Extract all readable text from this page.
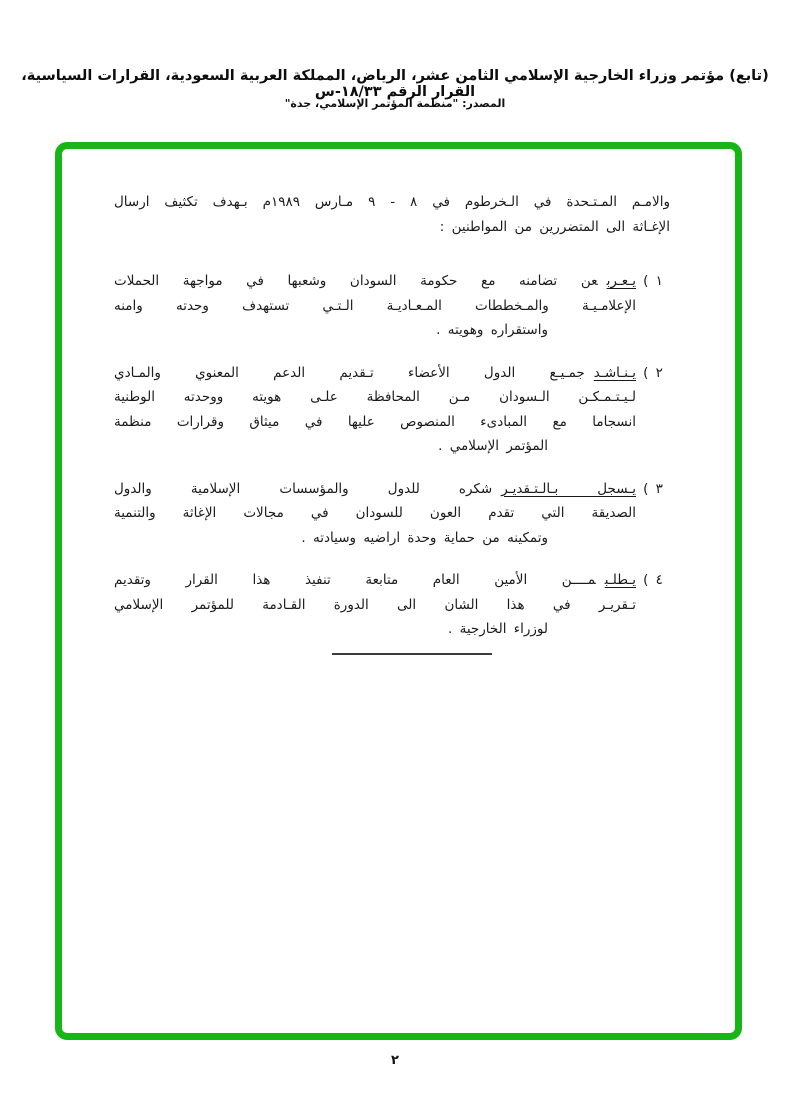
(تابع) مؤتمر وزراء الخارجية الإسلامي الثامن عشر، الرياض، المملكة العربية السعودية، القرارات السياسية، القرار الرقم ١٨/٣٣-س
المصدر: "منظمة المؤتمر الإسلامي، جدة"
والامـم المـتـحدة في الـخرطوم في ٨ - ٩ مـارس ١٩٨٩م بـهدف تكثيف ارسال
الإغـاثة الى المتضررين من المواطنين :
( ١
يـعـربعن تضامنه مع حكومة السودان وشعبها في مواجهة الحملات
الإعلامـيـة والمـخططات المـعـاديـة الـتـي تستهدف وحدته وامنه
واستقراره وهويته .
( ٢
يـنـاشـدجمـيـع الدول الأعضاء تـقديم الدعم المعنوي والمـادي
لـيـتـمـكـن الـسودان مـن المحافظة علـى هويته ووحدته الوطنية
انسجاما مع المبادىء المنصوص عليها في ميثاق وقرارات منظمة
المؤتمر الإسلامي .
( ٣
يـسجل بـالـتـقديـرشكره للدول والمؤسسات الإسلامية والدول
الصديقة التي تقدم العون للسودان في مجالات الإغاثة والتنمية
وتمكينه من حماية وحدة اراضيه وسيادته .
( ٤
يـطلـبمــــن الأمين العام متابعة تنفيذ هذا القرار وتقديم
تـقريـر في هذا الشان الى الدورة القـادمة للمؤتمر الإسلامي
لوزراء الخارجية .
٢
